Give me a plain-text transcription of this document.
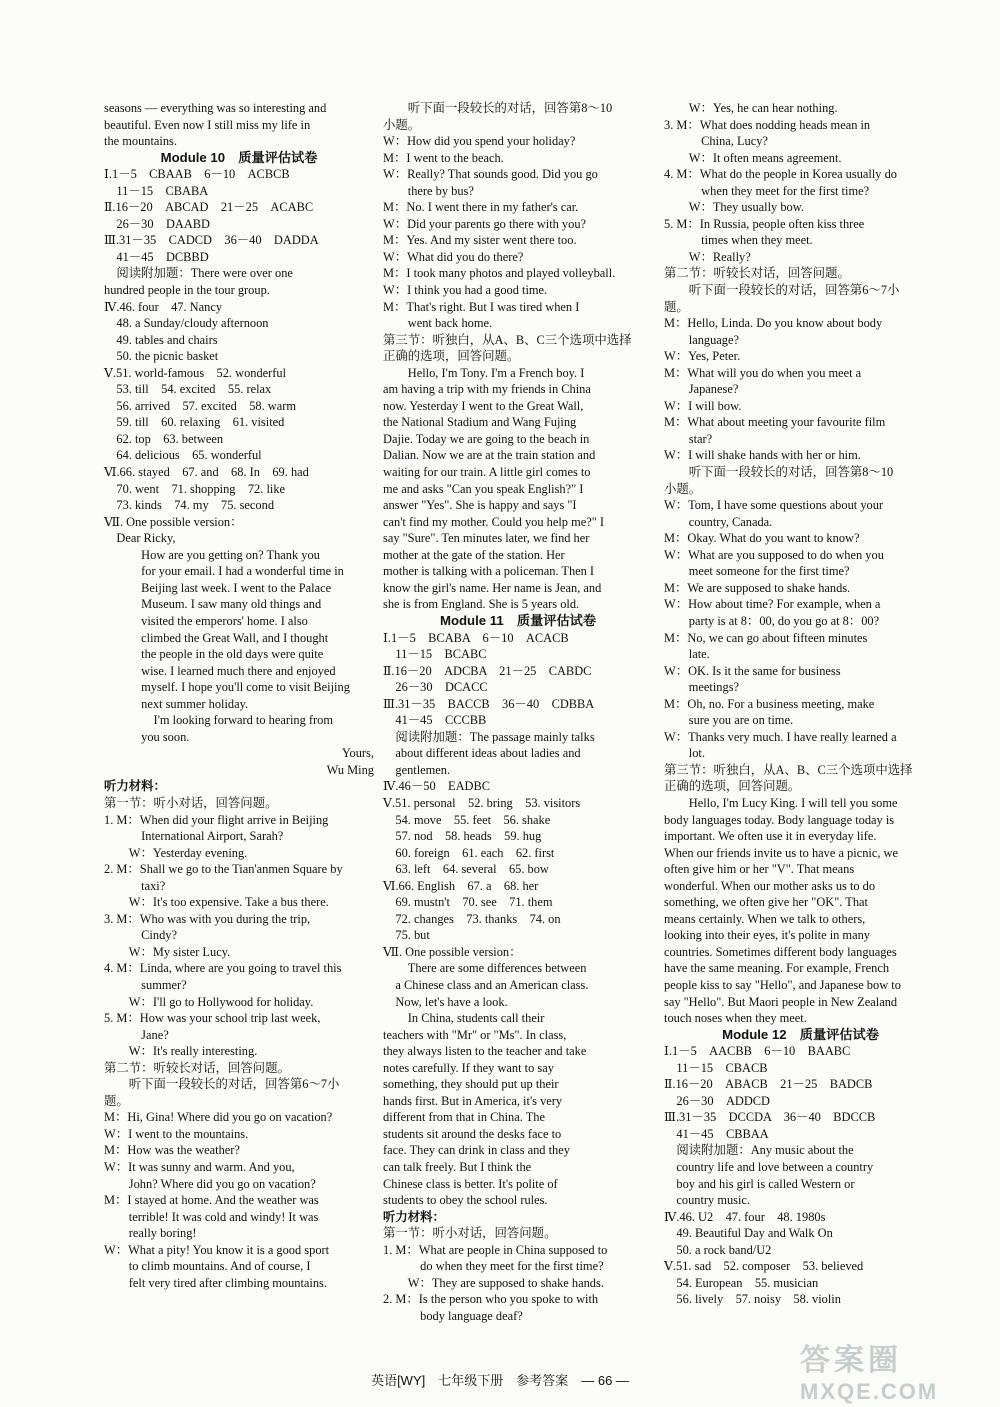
seasons — everything was so interesting and
beautiful. Even now I still miss my life in
the mountains.
Module 10　质量评估试卷
Ⅰ.1－5　CBAAB　6－10　ACBCB
　11－15　CBABA
Ⅱ.16－20　ABCAD　21－25　ACABC
　26－30　DAABD
Ⅲ.31－35　CADCD　36－40　DADDA
　41－45　DCBBD
　阅读附加题：There were over one
hundred people in the tour group.
Ⅳ.46. four　47. Nancy
　48. a Sunday/cloudy afternoon
　49. tables and chairs
　50. the picnic basket
Ⅴ.51. world-famous　52. wonderful
　53. till　54. excited　55. relax
　56. arrived　57. excited　58. warm
　59. till　60. relaxing　61. visited
　62. top　63. between
　64. delicious　65. wonderful
Ⅵ.66. stayed　67. and　68. In　69. had
　70. went　71. shopping　72. like
　73. kinds　74. my　75. second
Ⅶ. One possible version：
　Dear Ricky,
　　　How are you getting on? Thank you
　　　for your email. I had a wonderful time in
　　　Beijing last week. I went to the Palace
　　　Museum. I saw many old things and
　　　visited the emperors' home. I also
　　　climbed the Great Wall, and I thought
　　　the people in the old days were quite
　　　wise. I learned much there and enjoyed
　　　myself. I hope you'll come to visit Beijing
　　　next summer holiday.
　　　　I'm looking forward to hearing from
　　　you soon.
Yours,　　
Wu Ming　
听力材料：
第一节：听小对话，回答问题。
1. M：When did your flight arrive in Beijing
　　　International Airport, Sarah?
　　W：Yesterday evening.
2. M：Shall we go to the Tian'anmen Square by
　　　taxi?
　　W：It's too expensive. Take a bus there.
3. M：Who was with you during the trip,
　　　Cindy?
　　W：My sister Lucy.
4. M：Linda, where are you going to travel this
　　　summer?
　　W：I'll go to Hollywood for holiday.
5. M：How was your school trip last week,
　　　Jane?
　　W：It's really interesting.
第二节：听较长对话，回答问题。
　　听下面一段较长的对话，回答第6～7小
题。
M：Hi, Gina! Where did you go on vacation?
W：I went to the mountains.
M：How was the weather?
W：It was sunny and warm. And you,
　　John? Where did you go on vacation?
M：I stayed at home. And the weather was
　　terrible! It was cold and windy! It was
　　really boring!
W：What a pity! You know it is a good sport
　　to climb mountains. And of course, I
　　felt very tired after climbing mountains.
　　听下面一段较长的对话，回答第8～10
小题。
W：How did you spend your holiday?
M：I went to the beach.
W：Really? That sounds good. Did you go
　　there by bus?
M：No. I went there in my father's car.
W：Did your parents go there with you?
M：Yes. And my sister went there too.
W：What did you do there?
M：I took many photos and played volleyball.
W：I think you had a good time.
M：That's right. But I was tired when I
　　went back home.
第三节：听独白，从A、B、C三个选项中选择
正确的选项，回答问题。
　　Hello, I'm Tony. I'm a French boy. I
am having a trip with my friends in China
now. Yesterday I went to the Great Wall,
the National Stadium and Wang Fujing
Dajie. Today we are going to the beach in
Dalian. Now we are at the train station and
waiting for our train. A little girl comes to
me and asks "Can you speak English?" I
answer "Yes". She is happy and says "I
can't find my mother. Could you help me?" I
say "Sure". Ten minutes later, we find her
mother at the gate of the station. Her
mother is talking with a policeman. Then I
know the girl's name. Her name is Jean, and
she is from England. She is 5 years old.
Module 11　质量评估试卷
Ⅰ.1－5　BCABA　6－10　ACACB
　11－15　BCABC
Ⅱ.16－20　ADCBA　21－25　CABDC
　26－30　DCACC
Ⅲ.31－35　BACCB　36－40　CDBBA
　41－45　CCCBB
　阅读附加题：The passage mainly talks
　about different ideas about ladies and
　gentlemen.
Ⅳ.46－50　EADBC
Ⅴ.51. personal　52. bring　53. visitors
　54. move　55. feet　56. shake
　57. nod　58. heads　59. hug
　60. foreign　61. each　62. first
　63. left　64. several　65. bow
Ⅵ.66. English　67. a　68. her
　69. mustn't　70. see　71. them
　72. changes　73. thanks　74. on
　75. but
Ⅶ. One possible version：
　　There are some differences between
　a Chinese class and an American class.
　Now, let's have a look.
　　In China, students call their
teachers with "Mr" or "Ms". In class,
they always listen to the teacher and take
notes carefully. If they want to say
something, they should put up their
hands first. But in America, it's very
different from that in China. The
students sit around the desks face to
face. They can drink in class and they
can talk freely. But I think the
Chinese class is better. It's polite of
students to obey the school rules.
听力材料：
第一节：听小对话，回答问题。
1. M：What are people in China supposed to
　　　do when they meet for the first time?
　　W：They are supposed to shake hands.
2. M：Is the person who you spoke to with
　　　body language deaf?
　　W：Yes, he can hear nothing.
3. M：What does nodding heads mean in
　　　China, Lucy?
　　W：It often means agreement.
4. M：What do the people in Korea usually do
　　　when they meet for the first time?
　　W：They usually bow.
5. M：In Russia, people often kiss three
　　　times when they meet.
　　W：Really?
第二节：听较长对话，回答问题。
　　听下面一段较长的对话，回答第6～7小
题。
M：Hello, Linda. Do you know about body
　　language?
W：Yes, Peter.
M：What will you do when you meet a
　　Japanese?
W：I will bow.
M：What about meeting your favourite film
　　star?
W：I will shake hands with her or him.
　　听下面一段较长的对话，回答第8～10
小题。
W：Tom, I have some questions about your
　　country, Canada.
M：Okay. What do you want to know?
W：What are you supposed to do when you
　　meet someone for the first time?
M：We are supposed to shake hands.
W：How about time? For example, when a
　　party is at 8：00, do you go at 8：00?
M：No, we can go about fifteen minutes
　　late.
W：OK. Is it the same for business
　　meetings?
M：Oh, no. For a business meeting, make
　　sure you are on time.
W：Thanks very much. I have really learned a
　　lot.
第三节：听独白，从A、B、C三个选项中选择
正确的选项，回答问题。
　　Hello, I'm Lucy King. I will tell you some
body languages today. Body language today is
important. We often use it in everyday life.
When our friends invite us to have a picnic, we
often give him or her "V". That means
wonderful. When our mother asks us to do
something, we often give her "OK". That
means certainly. When we talk to others,
looking into their eyes, it's polite in many
countries. Sometimes different body languages
have the same meaning. For example, French
people kiss to say "Hello", and Japanese bow to
say "Hello". But Maori people in New Zealand
touch noses when they meet.
Module 12　质量评估试卷
Ⅰ.1－5　AACBB　6－10　BAABC
　11－15　CBACB
Ⅱ.16－20　ABACB　21－25　BADCB
　26－30　ADDCD
Ⅲ.31－35　DCCDA　36－40　BDCCB
　41－45　CBBAA
　阅读附加题：Any music about the
　country life and love between a country
　boy and his girl is called Western or
　country music.
Ⅳ.46. U2　47. four　48. 1980s
　49. Beautiful Day and Walk On
　50. a rock band/U2
Ⅴ.51. sad　52. composer　53. believed
　54. European　55. musician
　56. lively　57. noisy　58. violin
英语[WY]　七年级下册　参考答案　— 66 —
答案圈
MXQE.COM
